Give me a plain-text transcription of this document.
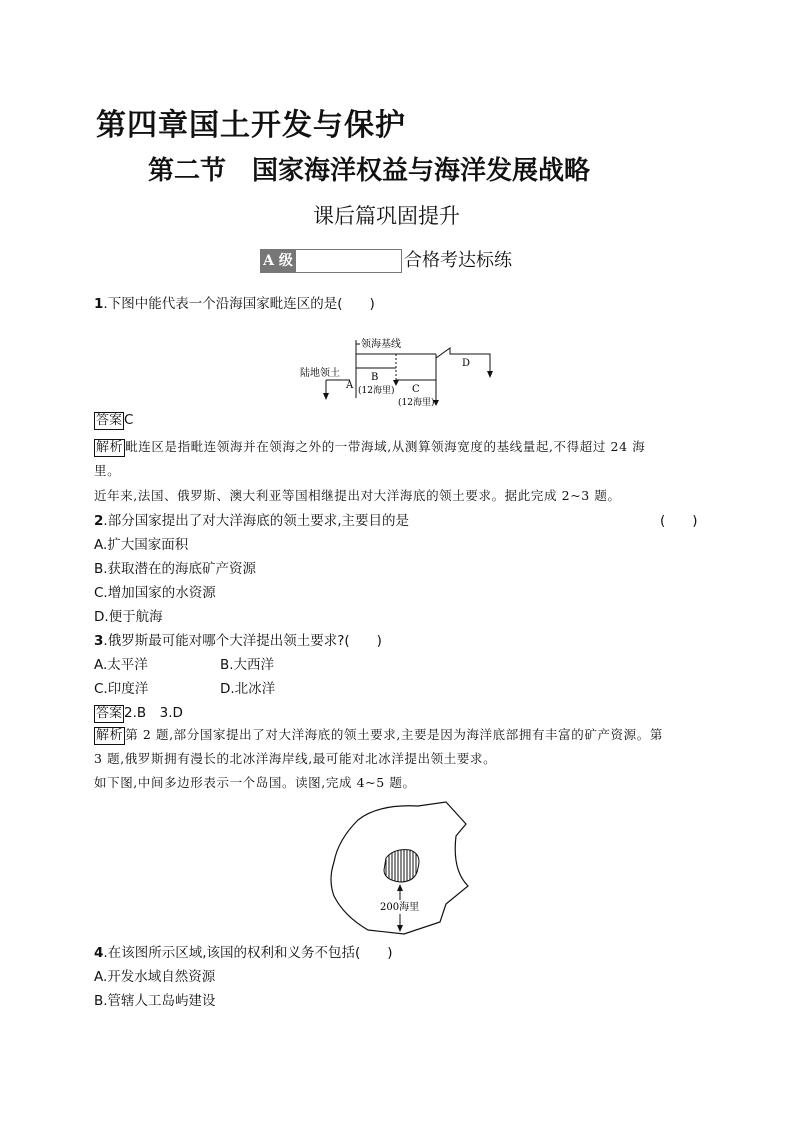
第四章国土开发与保护
第二节　国家海洋权益与海洋发展战略
课后篇巩固提升
A 级	合格考达标练
1.下图中能代表一个沿海国家毗连区的是(　　)
领海基线
陆地领土
A
B
(12海里) C
(12海里)
D
答案 C
解析 毗连区是指毗连领海并在领海之外的一带海域,从测算领海宽度的基线量起,不得超过 24 海
里。
近年来,法国、俄罗斯、澳大利亚等国相继提出对大洋海底的领土要求。据此完成 2~3 题。
2.部分国家提出了对大洋海底的领土要求,主要目的是	(　　)
A.扩大国家面积
B.获取潜在的海底矿产资源
C.增加国家的水资源
D.便于航海
3.俄罗斯最可能对哪个大洋提出领土要求?(　　)
A.太平洋	B.大西洋
C.印度洋	D.北冰洋
答案 2.B　3.D
解析 第 2 题,部分国家提出了对大洋海底的领土要求,主要是因为海洋底部拥有丰富的矿产资源。第
3 题,俄罗斯拥有漫长的北冰洋海岸线,最可能对北冰洋提出领土要求。
如下图,中间多边形表示一个岛国。读图,完成 4~5 题。
200海里
4.在该图所示区域,该国的权利和义务不包括(　　)
A.开发水域自然资源
B.管辖人工岛屿建设
